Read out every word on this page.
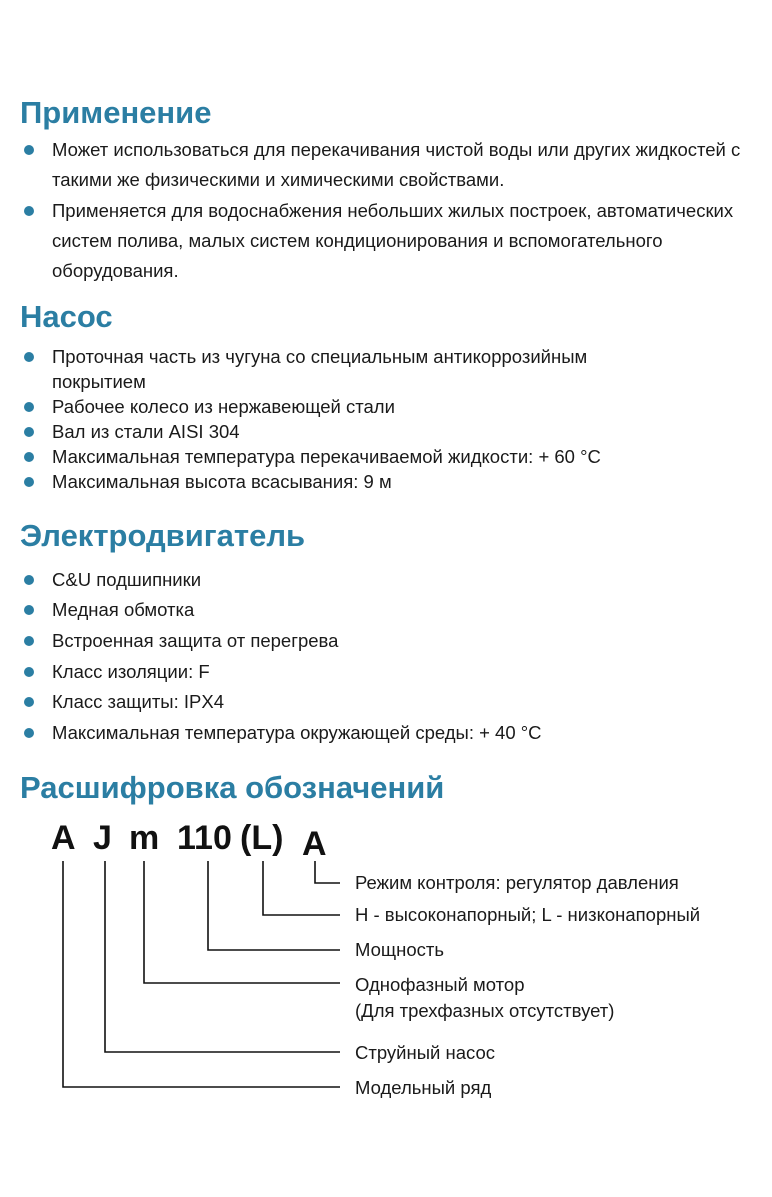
Применение
Может использоваться для перекачивания чистой воды или других жидкостей с такими же физическими и химическими свойствами.
Применяется для водоснабжения небольших жилых построек, автоматических систем полива, малых систем кондиционирования и вспомогательного оборудования.
Насос
Проточная часть из чугуна со специальным антикоррозийным покрытием
Рабочее колесо из нержавеющей стали
Вал из стали AISI 304
Максимальная температура перекачиваемой жидкости: + 60 °C
Максимальная высота всасывания: 9 м
Электродвигатель
C&U подшипники
Медная обмотка
Встроенная защита от перегрева
Класс изоляции: F
Класс защиты: IPX4
Максимальная температура окружающей среды: + 40 °C
Расшифровка обозначений
A J m 110 (L) A
Режим контроля: регулятор давления
H - высоконапорный; L - низконапорный
Мощность
Однофазный мотор
(Для трехфазных отсутствует)
Струйный насос
Модельный ряд
